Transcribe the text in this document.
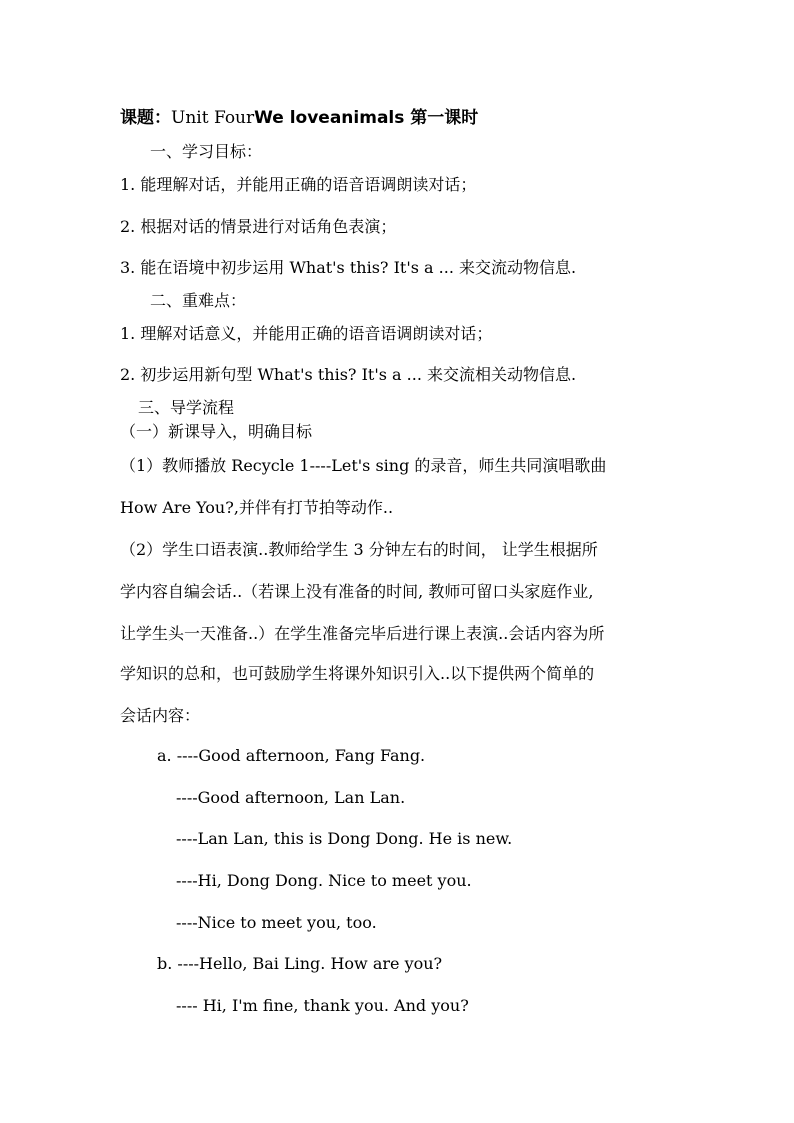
课题：Unit FourWe loveanimals 第一课时
一、学习目标：
1. 能理解对话，并能用正确的语音语调朗读对话；
2. 根据对话的情景进行对话角色表演；
3. 能在语境中初步运用 What's this? It's a ... 来交流动物信息.
二、重难点：
1. 理解对话意义，并能用正确的语音语调朗读对话；
2. 初步运用新句型 What's this? It's a ... 来交流相关动物信息.
三、导学流程
（一）新课导入，明确目标
（1）教师播放 Recycle 1----Let's sing 的录音，师生共同演唱歌曲
How Are You?,并伴有打节拍等动作..
（2）学生口语表演..教师给学生 3 分钟左右的时间， 让学生根据所
学内容自编会话..（若课上没有准备的时间, 教师可留口头家庭作业,
让学生头一天准备..）在学生准备完毕后进行课上表演..会话内容为所
学知识的总和，也可鼓励学生将课外知识引入..以下提供两个简单的
会话内容：
a. ----Good afternoon, Fang Fang.
----Good afternoon, Lan Lan.
----Lan Lan, this is Dong Dong. He is new.
----Hi, Dong Dong. Nice to meet you.
----Nice to meet you, too.
b. ----Hello, Bai Ling. How are you?
---- Hi, I'm fine, thank you. And you?
